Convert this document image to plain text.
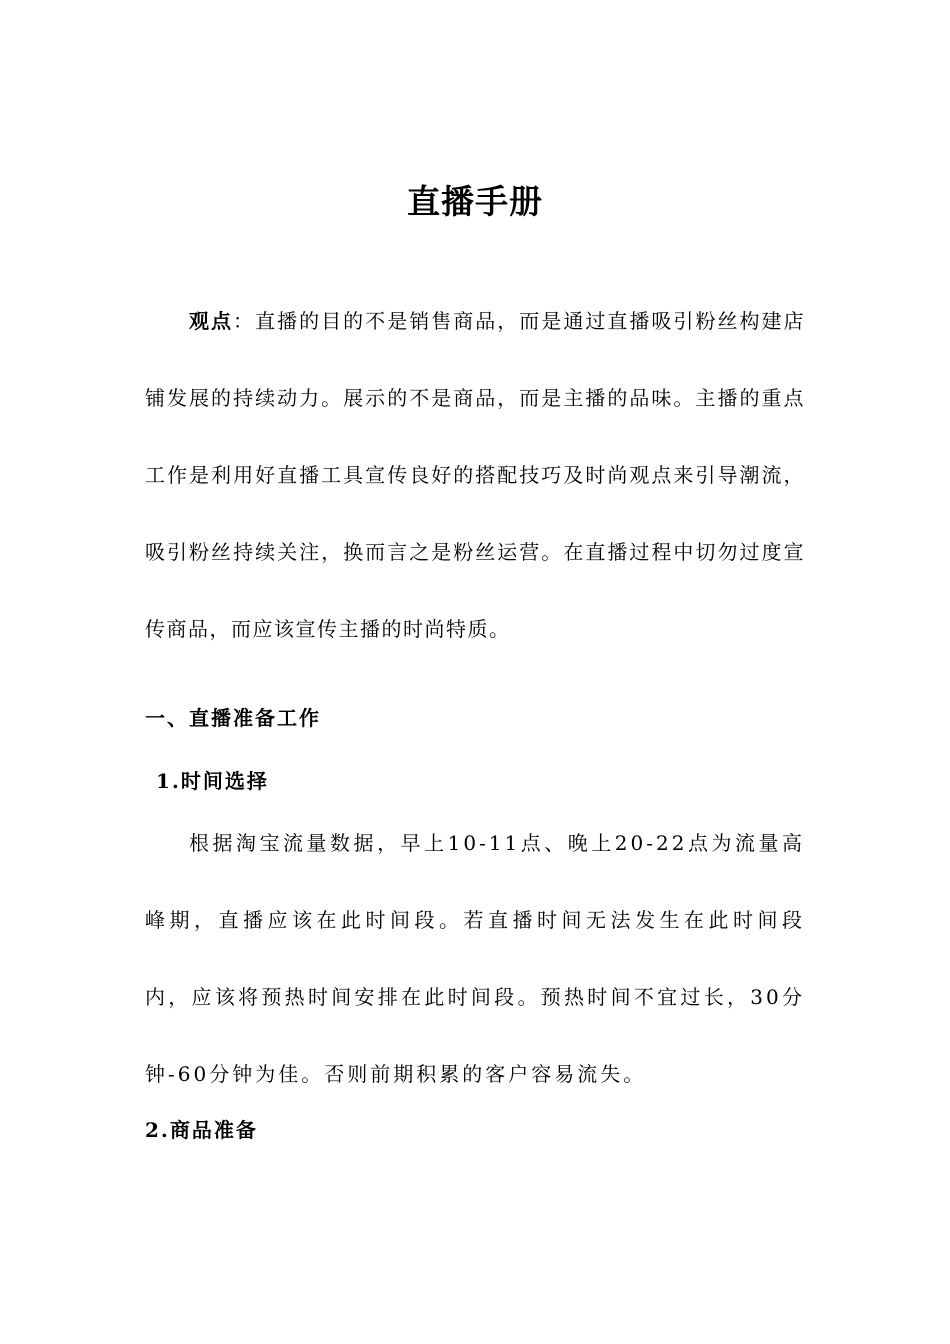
直播手册

观点：直播的目的不是销售商品，而是通过直播吸引粉丝构建店铺发展的持续动力。展示的不是商品，而是主播的品味。主播的重点工作是利用好直播工具宣传良好的搭配技巧及时尚观点来引导潮流，吸引粉丝持续关注，换而言之是粉丝运营。在直播过程中切勿过度宣传商品，而应该宣传主播的时尚特质。

一、直播准备工作
1.时间选择

根据淘宝流量数据，早上10-11点、晚上20-22点为流量高峰期，直播应该在此时间段。若直播时间无法发生在此时间段内，应该将预热时间安排在此时间段。预热时间不宜过长，30分钟-60分钟为佳。否则前期积累的客户容易流失。

2.商品准备
